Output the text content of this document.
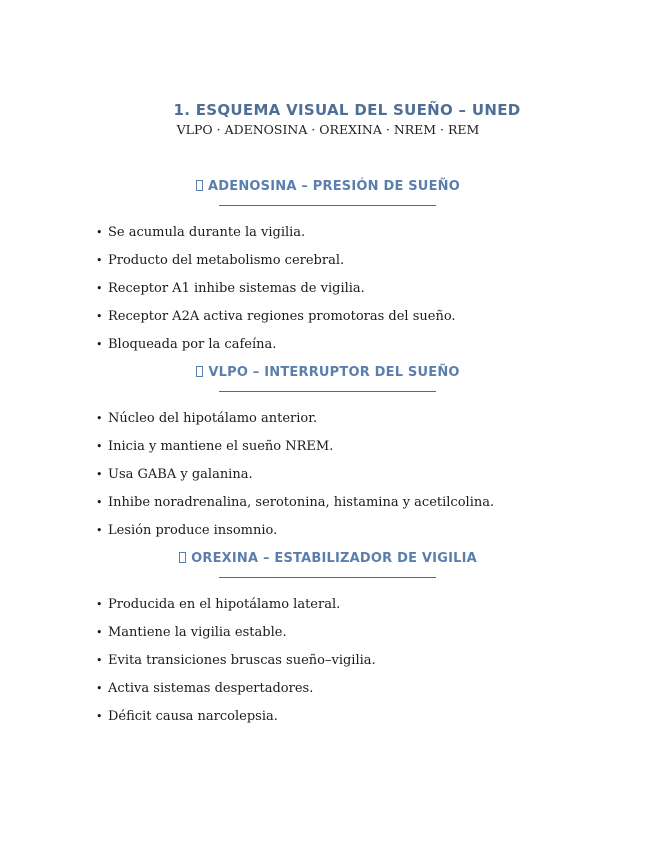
1. ESQUEMA VISUAL DEL SUEÑO – UNED
VLPO · ADENOSINA · OREXINA · NREM · REM
ADENOSINA – PRESIÓN DE SUEÑO
• Se acumula durante la vigilia.
• Producto del metabolismo cerebral.
• Receptor A1 inhibe sistemas de vigilia.
• Receptor A2A activa regiones promotoras del sueño.
• Bloqueada por la cafeína.
VLPO – INTERRUPTOR DEL SUEÑO
• Núcleo del hipotálamo anterior.
• Inicia y mantiene el sueño NREM.
• Usa GABA y galanina.
• Inhibe noradrenalina, serotonina, histamina y acetilcolina.
• Lesión produce insomnio.
OREXINA – ESTABILIZADOR DE VIGILIA
• Producida en el hipotálamo lateral.
• Mantiene la vigilia estable.
• Evita transiciones bruscas sueño–vigilia.
• Activa sistemas despertadores.
• Déficit causa narcolepsia.
